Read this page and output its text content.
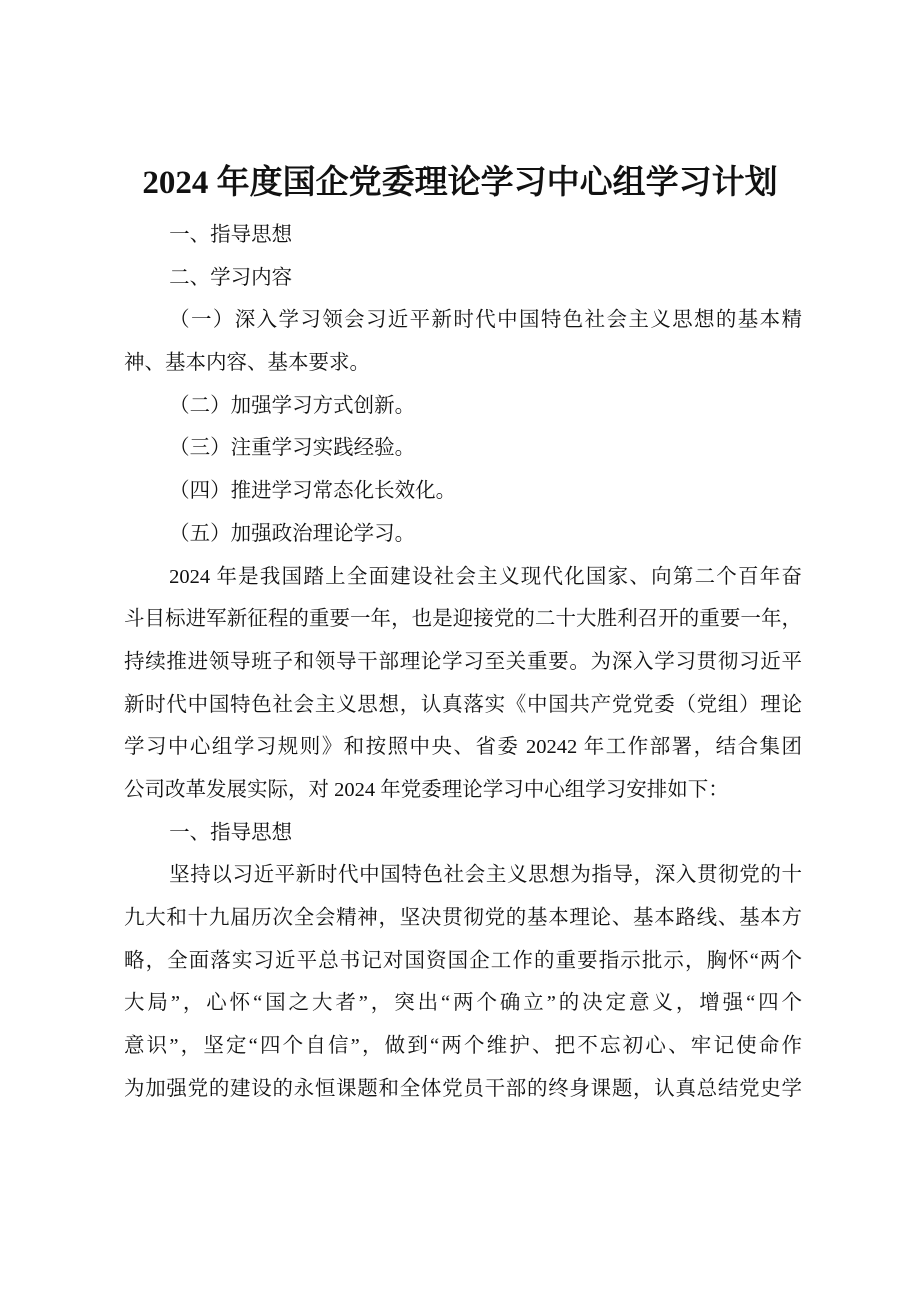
2024 年度国企党委理论学习中心组学习计划
一、指导思想
二、学习内容
（一）深入学习领会习近平新时代中国特色社会主义思想的基本精
神、基本内容、基本要求。
（二）加强学习方式创新。
（三）注重学习实践经验。
（四）推进学习常态化长效化。
（五）加强政治理论学习。
2024 年是我国踏上全面建设社会主义现代化国家、向第二个百年奋
斗目标进军新征程的重要一年，也是迎接党的二十大胜利召开的重要一年，
持续推进领导班子和领导干部理论学习至关重要。为深入学习贯彻习近平
新时代中国特色社会主义思想，认真落实《中国共产党党委（党组）理论
学习中心组学习规则》和按照中央、省委 20242 年工作部署，结合集团
公司改革发展实际，对 2024 年党委理论学习中心组学习安排如下：
一、指导思想
坚持以习近平新时代中国特色社会主义思想为指导，深入贯彻党的十
九大和十九届历次全会精神，坚决贯彻党的基本理论、基本路线、基本方
略，全面落实习近平总书记对国资国企工作的重要指示批示，胸怀“两个
大局”，心怀“国之大者”，突出“两个确立”的决定意义，增强“四个
意识”，坚定“四个自信”，做到“两个维护、把不忘初心、牢记使命作
为加强党的建设的永恒课题和全体党员干部的终身课题，认真总结党史学
